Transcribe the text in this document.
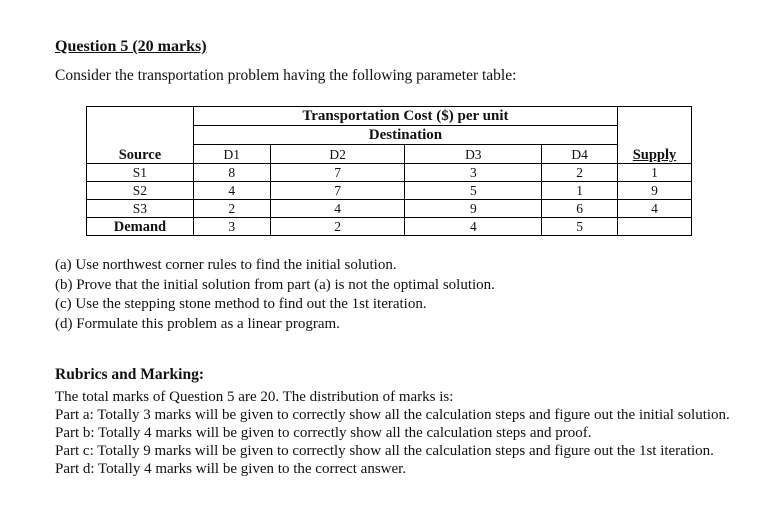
Question 5 (20 marks)
Consider the transportation problem having the following parameter table:
Source	Transportation Cost ($) per unit				Supply
	Destination				
	D1	D2	D3	D4	
S1	8	7	3	2	1
S2	4	7	5	1	9
S3	2	4	9	6	4
Demand	3	2	4	5	
(a) Use northwest corner rules to find the initial solution.
(b) Prove that the initial solution from part (a) is not the optimal solution.
(c) Use the stepping stone method to find out the 1st iteration.
(d) Formulate this problem as a linear program.
Rubrics and Marking:
The total marks of Question 5 are 20. The distribution of marks is:
Part a: Totally 3 marks will be given to correctly show all the calculation steps and figure out the initial solution.
Part b: Totally 4 marks will be given to correctly show all the calculation steps and proof.
Part c: Totally 9 marks will be given to correctly show all the calculation steps and figure out the 1st iteration.
Part d: Totally 4 marks will be given to the correct answer.
